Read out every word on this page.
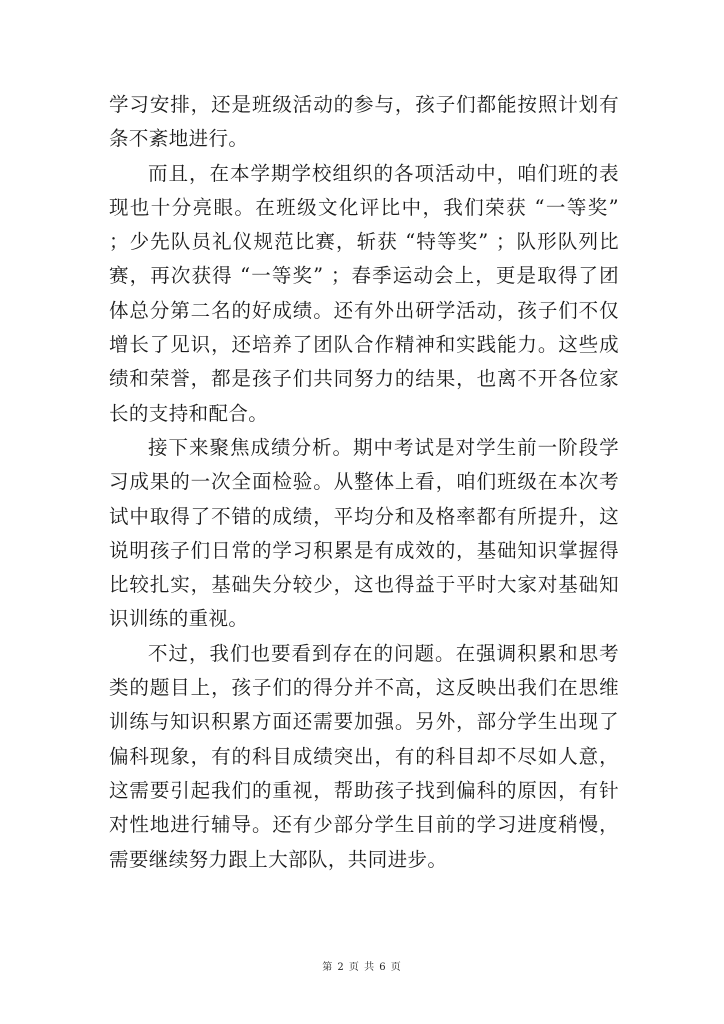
学习安排，还是班级活动的参与，孩子们都能按照计划有条不紊地进行。

而且，在本学期学校组织的各项活动中，咱们班的表现也十分亮眼。在班级文化评比中，我们荣获 “一等奖” ；少先队员礼仪规范比赛，斩获 “特等奖” ；队形队列比赛，再次获得 “一等奖” ；春季运动会上，更是取得了团体总分第二名的好成绩。还有外出研学活动，孩子们不仅增长了见识，还培养了团队合作精神和实践能力。这些成绩和荣誉，都是孩子们共同努力的结果，也离不开各位家长的支持和配合。

接下来聚焦成绩分析。期中考试是对学生前一阶段学习成果的一次全面检验。从整体上看，咱们班级在本次考试中取得了不错的成绩，平均分和及格率都有所提升，这说明孩子们日常的学习积累是有成效的，基础知识掌握得比较扎实，基础失分较少，这也得益于平时大家对基础知识训练的重视。

不过，我们也要看到存在的问题。在强调积累和思考类的题目上，孩子们的得分并不高，这反映出我们在思维训练与知识积累方面还需要加强。另外，部分学生出现了偏科现象，有的科目成绩突出，有的科目却不尽如人意，这需要引起我们的重视，帮助孩子找到偏科的原因，有针对性地进行辅导。还有少部分学生目前的学习进度稍慢，需要继续努力跟上大部队，共同进步。

第 2 页 共 6 页
